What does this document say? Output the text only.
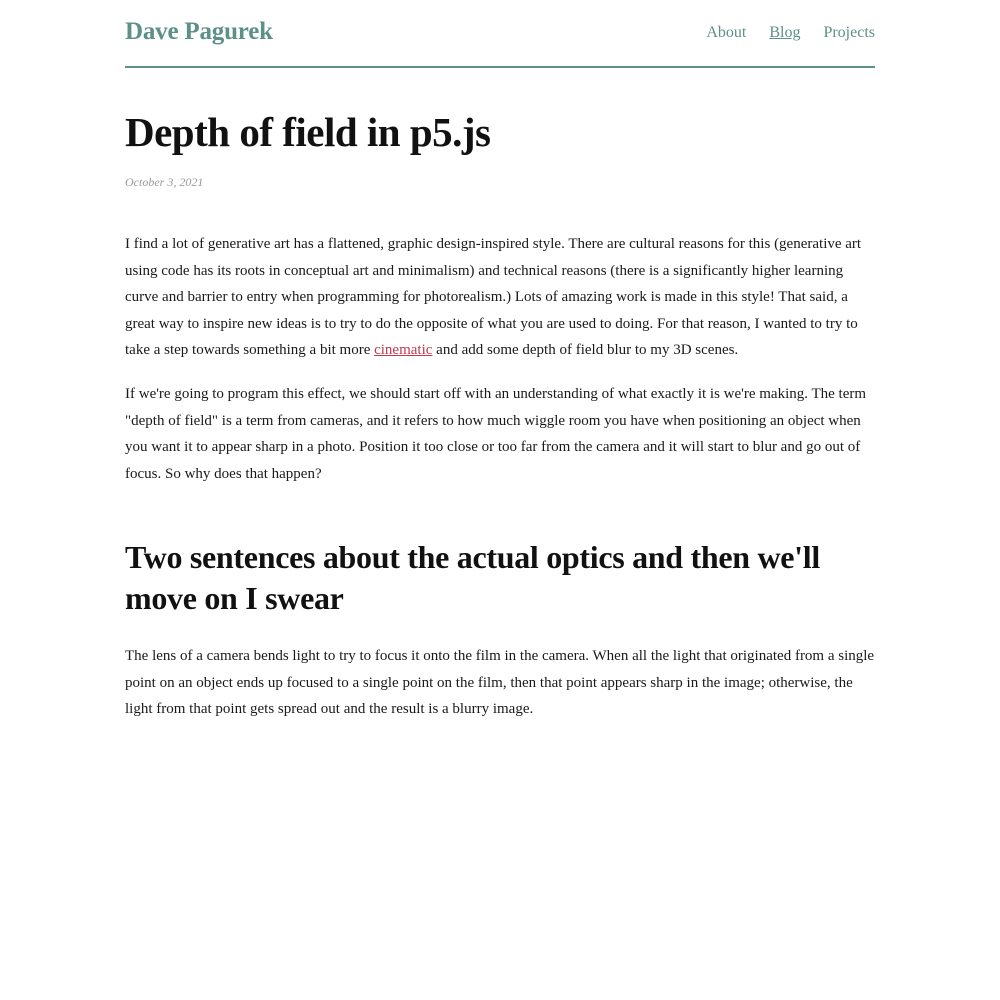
Dave Pagurek	About Blog Projects
Depth of field in p5.js
October 3, 2021

I find a lot of generative art has a flattened, graphic design-inspired style. There are cultural reasons for this (generative art using code has its roots in conceptual art and minimalism) and technical reasons (there is a significantly higher learning curve and barrier to entry when programming for photorealism.) Lots of amazing work is made in this style! That said, a great way to inspire new ideas is to try to do the opposite of what you are used to doing. For that reason, I wanted to try to take a step towards something a bit more cinematic and add some depth of field blur to my 3D scenes.

If we're going to program this effect, we should start off with an understanding of what exactly it is we're making. The term "depth of field" is a term from cameras, and it refers to how much wiggle room you have when positioning an object when you want it to appear sharp in a photo. Position it too close or too far from the camera and it will start to blur and go out of focus. So why does that happen?

Two sentences about the actual optics and then we'll move on I swear

The lens of a camera bends light to try to focus it onto the film in the camera. When all the light that originated from a single point on an object ends up focused to a single point on the film, then that point appears sharp in the image; otherwise, the light from that point gets spread out and the result is a blurry image.
